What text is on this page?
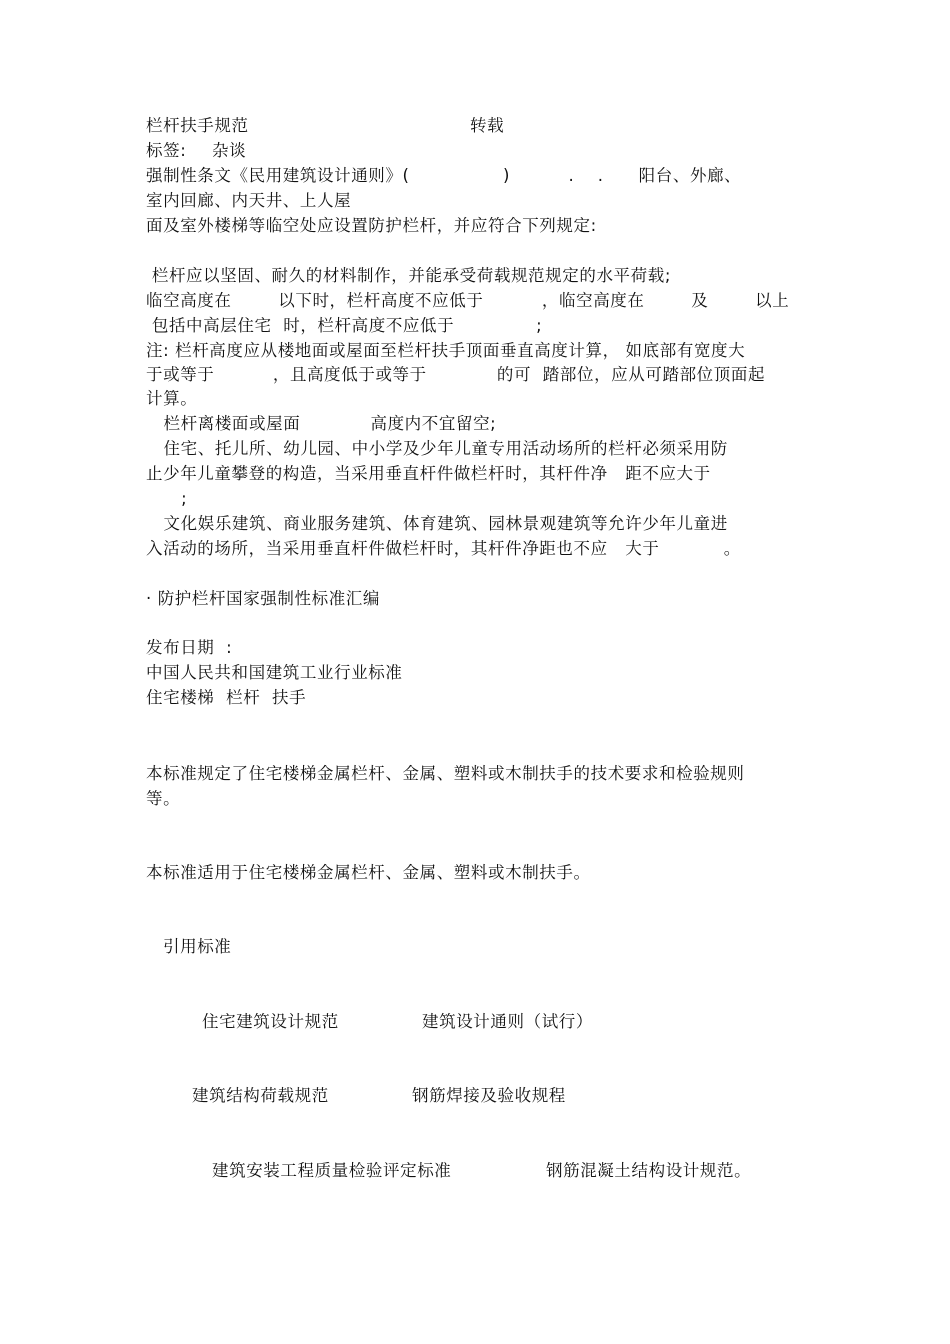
栏杆扶手规范	转载
标签: 杂谈
强制性条文《民用建筑设计通则》(                )          .    .      阳台、外廊、
室内回廊、内天井、上人屋
面及室外楼梯等临空处应设置防护栏杆，并应符合下列规定:
栏杆应以坚固、耐久的材料制作，并能承受荷载规范规定的水平荷载;
临空高度在        以下时，栏杆高度不应低于          ，临空高度在        及        以上
包括中高层住宅  时，栏杆高度不应低于              ;
注: 栏杆高度应从楼地面或屋面至栏杆扶手顶面垂直高度计算， 如底部有宽度大
于或等于          ，且高度低于或等于            的可  踏部位，应从可踏部位顶面起
计算。
栏杆离楼面或屋面            高度内不宜留空;
住宅、托儿所、幼儿园、中小学及少年儿童专用活动场所的栏杆必须采用防
止少年儿童攀登的构造，当采用垂直杆件做栏杆时，其杆件净   距不应大于
;
文化娱乐建筑、商业服务建筑、体育建筑、园林景观建筑等允许少年儿童进
入活动的场所，当采用垂直杆件做栏杆时，其杆件净距也不应   大于           。
· 防护栏杆国家强制性标准汇编
发布日期  :
中国人民共和国建筑工业行业标准
住宅楼梯  栏杆  扶手
本标准规定了住宅楼梯金属栏杆、金属、塑料或木制扶手的技术要求和检验规则
等。
本标准适用于住宅楼梯金属栏杆、金属、塑料或木制扶手。
引用标准
住宅建筑设计规范	建筑设计通则（试行）
建筑结构荷载规范	钢筋焊接及验收规程
建筑安装工程质量检验评定标准	钢筋混凝土结构设计规范。
